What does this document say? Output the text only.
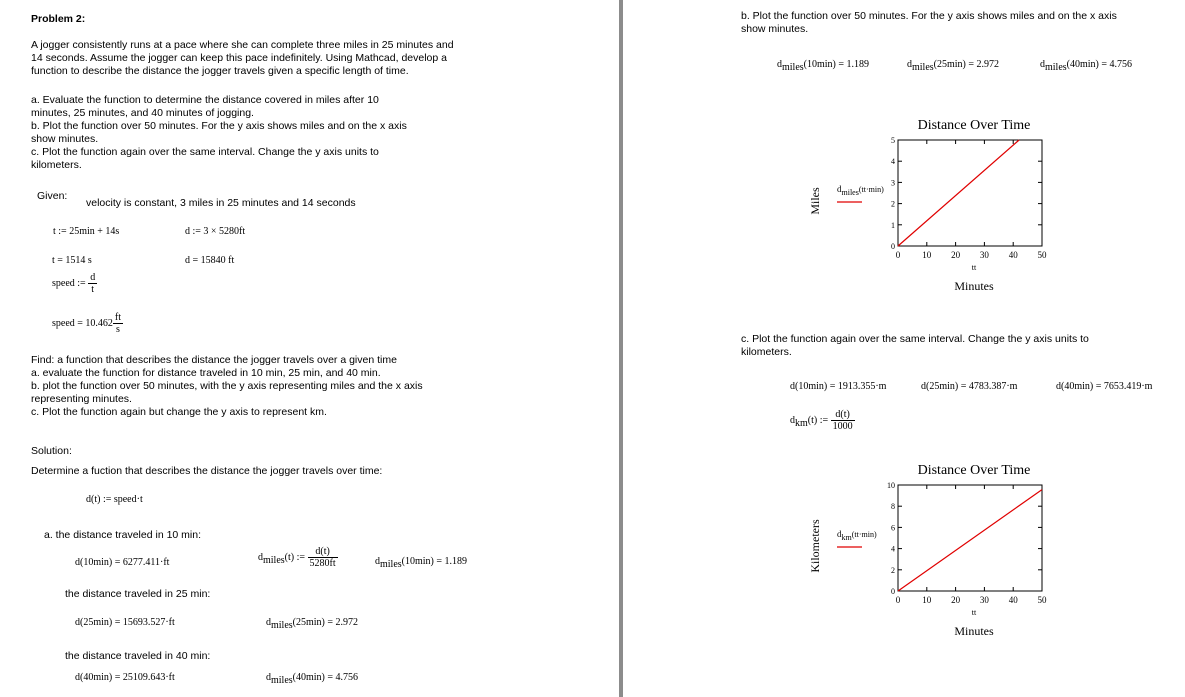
Problem 2:
A jogger consistently runs at a pace where she can complete three miles in 25 minutes and
14 seconds. Assume the jogger can keep this pace indefinitely. Using Mathcad, develop a
function to describe the distance the jogger travels given a specific length of time.
a. Evaluate the function to determine the distance covered in miles after 10
minutes, 25 minutes, and 40 minutes of jogging.
b. Plot the function over 50 minutes. For the y axis shows miles and on the x axis
show minutes.
c. Plot the function again over the same interval. Change the y axis units to
kilometers.
Given:
velocity is constant, 3 miles in 25 minutes and 14 seconds
t := 25min + 14s	d := 3 × 5280ft
t = 1514 s	d = 15840 ft
speed := $\frac{d}{t}$
speed = $10.462 \frac{ft}{s}$
Find: a function that describes the distance the jogger travels over a given time
a. evaluate the function for distance traveled in 10 min, 25 min, and 40 min.
b. plot the function over 50 minutes, with the y axis representing miles and the x axis
representing minutes.
c. Plot the function again but change the y axis to represent km.
Solution:
Determine a fuction that describes the distance the jogger travels over time:
d(t) := speed·t
a. the distance traveled in 10 min:
d(10min) = 6277.411·ft	dmiles(t) := $\frac{d(t)}{5280ft}$	dmiles(10min) = 1.189
the distance traveled in 25 min:
d(25min) = 15693.527·ft	dmiles(25min) = 2.972
the distance traveled in 40 min:
d(40min) = 25109.643·ft	dmiles(40min) = 4.756
b. Plot the function over 50 minutes. For the y axis shows miles and on the x axis
show minutes.
dmiles(10min) = 1.189	dmiles(25min) = 2.972	dmiles(40min) = 4.756
Distance Over Time
0 10 20 30 40 50
0
1
2
3
4
5
tt
Minutes
Miles dmiles(tt·min)
c. Plot the function again over the same interval. Change the y axis units to
kilometers.
d(10min) = 1913.355·m	d(25min) = 4783.387·m	d(40min) = 7653.419·m
dkm(t) := $\frac{d(t)}{1000}$
Distance Over Time
0 10 20 30 40 50
0
2
4
6
8
10
tt
Minutes
Kilometers dkm(tt·min)
